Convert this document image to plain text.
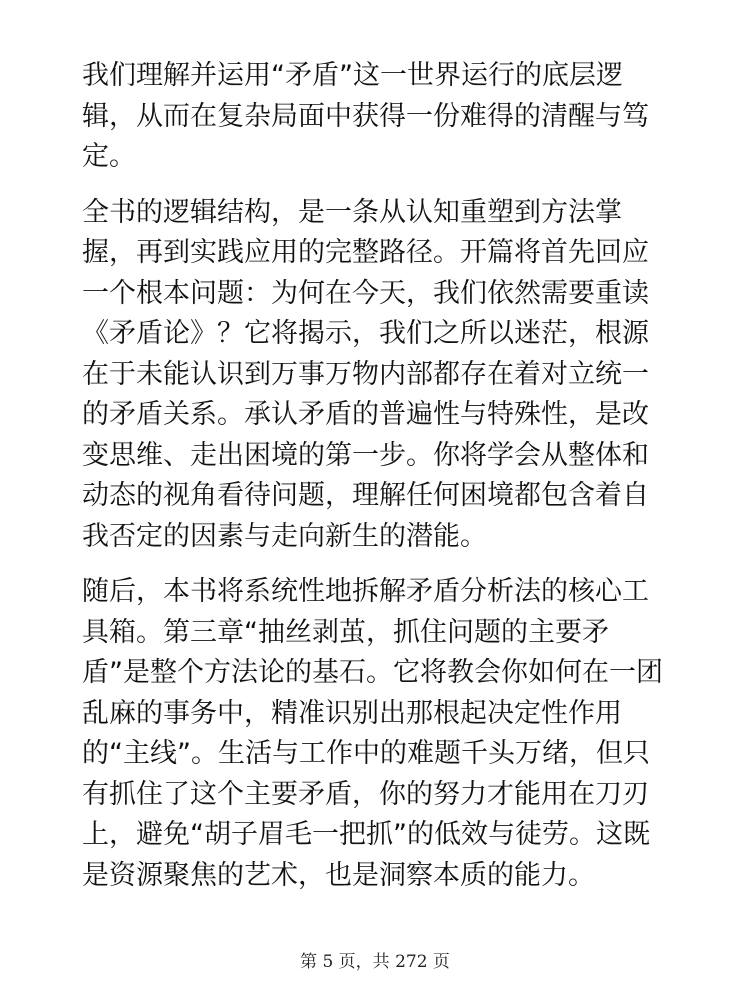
我们理解并运用“矛盾”这一世界运行的底层逻辑，从而在复杂局面中获得一份难得的清醒与笃定。

全书的逻辑结构，是一条从认知重塑到方法掌握，再到实践应用的完整路径。开篇将首先回应一个根本问题：为何在今天，我们依然需要重读《矛盾论》？它将揭示，我们之所以迷茫，根源在于未能认识到万事万物内部都存在着对立统一的矛盾关系。承认矛盾的普遍性与特殊性，是改变思维、走出困境的第一步。你将学会从整体和动态的视角看待问题，理解任何困境都包含着自我否定的因素与走向新生的潜能。

随后，本书将系统性地拆解矛盾分析法的核心工具箱。第三章“抽丝剥茧，抓住问题的主要矛盾”是整个方法论的基石。它将教会你如何在一团乱麻的事务中，精准识别出那根起决定性作用的“主线”。生活与工作中的难题千头万绪，但只有抓住了这个主要矛盾，你的努力才能用在刀刃上，避免“胡子眉毛一把抓”的低效与徒劳。这既是资源聚焦的艺术，也是洞察本质的能力。

第 5 页，共 272 页
